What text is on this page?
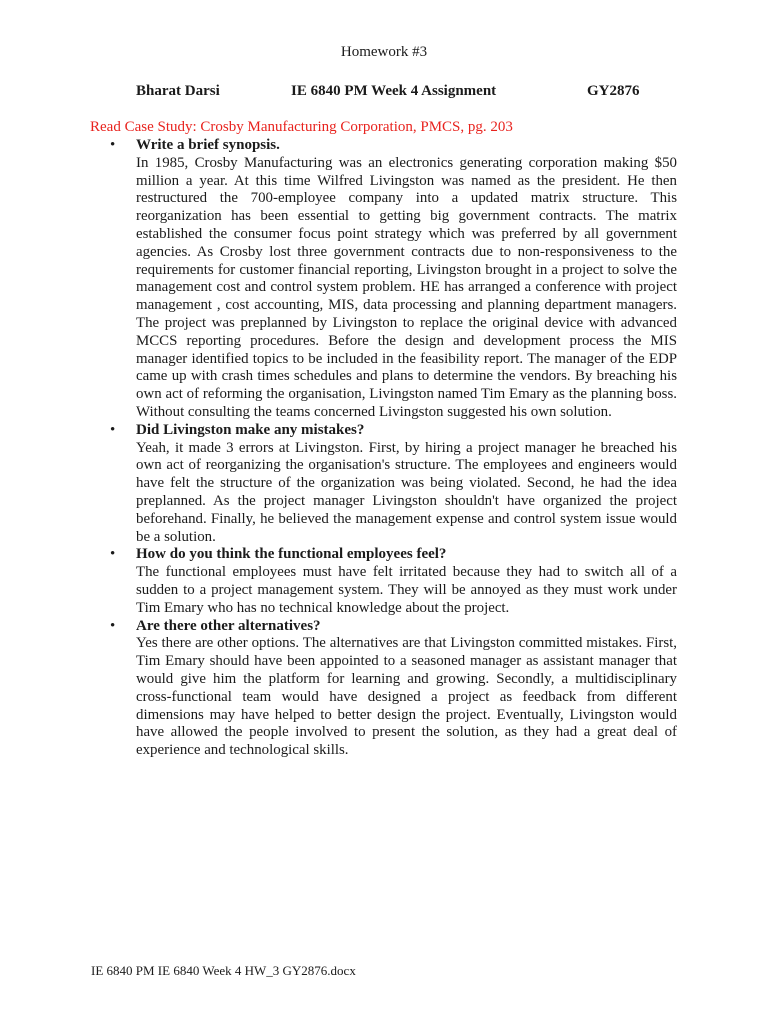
Homework #3
Bharat Darsi	IE 6840 PM Week 4 Assignment	GY2876
Read Case Study: Crosby Manufacturing Corporation, PMCS, pg. 203
•	Write a brief synopsis.

In 1985, Crosby Manufacturing was an electronics generating corporation making $50 million a year. At this time Wilfred Livingston was named as the president. He then restructured the 700-employee company into a updated matrix structure. This reorganization has been essential to getting big government contracts. The matrix established the consumer focus point strategy which was preferred by all government agencies. As Crosby lost three government contracts due to non-responsiveness to the requirements for customer financial reporting, Livingston brought in a project to solve the management cost and control system problem. HE has arranged a conference with project management , cost accounting, MIS, data processing and planning department managers. The project was preplanned by Livingston to replace the original device with advanced MCCS reporting procedures. Before the design and development process the MIS manager identified topics to be included in the feasibility report. The manager of the EDP came up with crash times schedules and plans to determine the vendors. By breaching his own act of reforming the organisation, Livingston named Tim Emary as the planning boss. Without consulting the teams concerned Livingston suggested his own solution.

•	Did Livingston make any mistakes?

Yeah, it made 3 errors at Livingston. First, by hiring a project manager he breached his own act of reorganizing the organisation's structure. The employees and engineers would have felt the structure of the organization was being violated. Second, he had the idea preplanned. As the project manager Livingston shouldn't have organized the project beforehand. Finally, he believed the management expense and control system issue would be a solution.

•	How do you think the functional employees feel?

The functional employees must have felt irritated because they had to switch all of a sudden to a project management system. They will be annoyed as they must work under Tim Emary who has no technical knowledge about the project.

•	Are there other alternatives?

Yes there are other options. The alternatives are that Livingston committed mistakes. First, Tim Emary should have been appointed to a seasoned manager as assistant manager that would give him the platform for learning and growing. Secondly, a multidisciplinary cross-functional team would have designed a project as feedback from different dimensions may have helped to better design the project. Eventually, Livingston would have allowed the people involved to present the solution, as they had a great deal of experience and technological skills.

IE 6840 PM IE 6840 Week 4 HW_3 GY2876.docx
